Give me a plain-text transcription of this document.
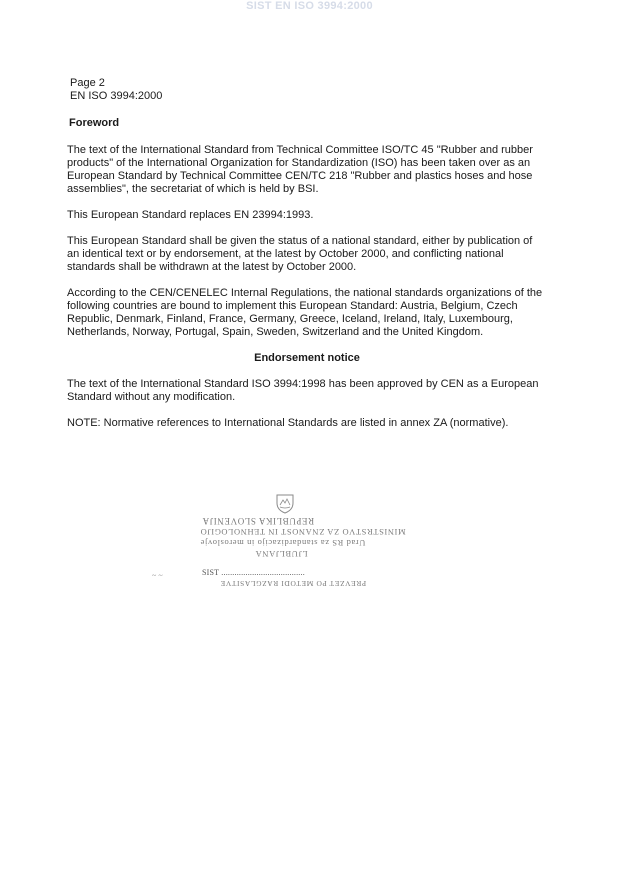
SIST EN ISO 3994:2000
Page 2
EN ISO 3994:2000
Foreword

The text of the International Standard from Technical Committee ISO/TC 45 "Rubber and rubber products" of the International Organization for Standardization (ISO) has been taken over as an European Standard by Technical Committee CEN/TC 218 "Rubber and plastics hoses and hose assemblies", the secretariat of which is held by BSI.

This European Standard replaces EN 23994:1993.

This European Standard shall be given the status of a national standard, either by publication of an identical text or by endorsement, at the latest by October 2000, and conflicting national standards shall be withdrawn at the latest by October 2000.

According to the CEN/CENELEC Internal Regulations, the national standards organizations of the following countries are bound to implement this European Standard: Austria, Belgium, Czech Republic, Denmark, Finland, France, Germany, Greece, Iceland, Ireland, Italy, Luxembourg, Netherlands, Norway, Portugal, Spain, Sweden, Switzerland and the United Kingdom.

Endorsement notice

The text of the International Standard ISO 3994:1998 has been approved by CEN as a European Standard without any modification.

NOTE: Normative references to International Standards are listed in annex ZA (normative).

REPUBLIKA SLOVENIJA
MINISTRSTVO ZA ZNANOST IN TEHNOLOGIJO
Urad RS za standardizacijo in meroslovje
LJUBLJANA
SIST ......................................
PREVZET PO METODI RAZGLASITVE
~ ~
